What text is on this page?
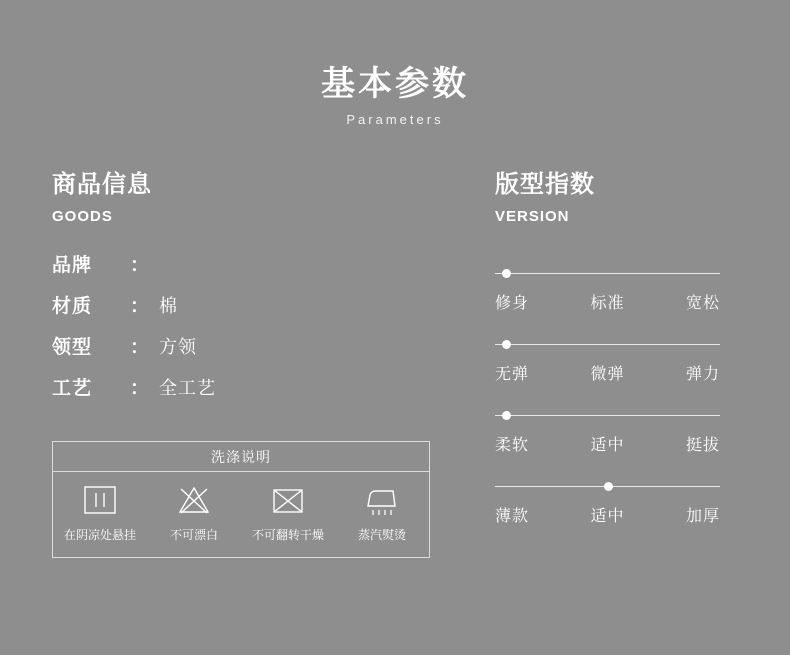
基本参数
Parameters
商品信息
GOODS
品牌	：
材质	： 棉
领型	： 方领
工艺	： 全工艺
洗涤说明
在阴凉处悬挂	不可漂白	不可翻转干燥	蒸汽熨烫
版型指数
VERSION
修身	标准	宽松
无弹	微弹	弹力
柔软	适中	挺拔
薄款	适中	加厚
